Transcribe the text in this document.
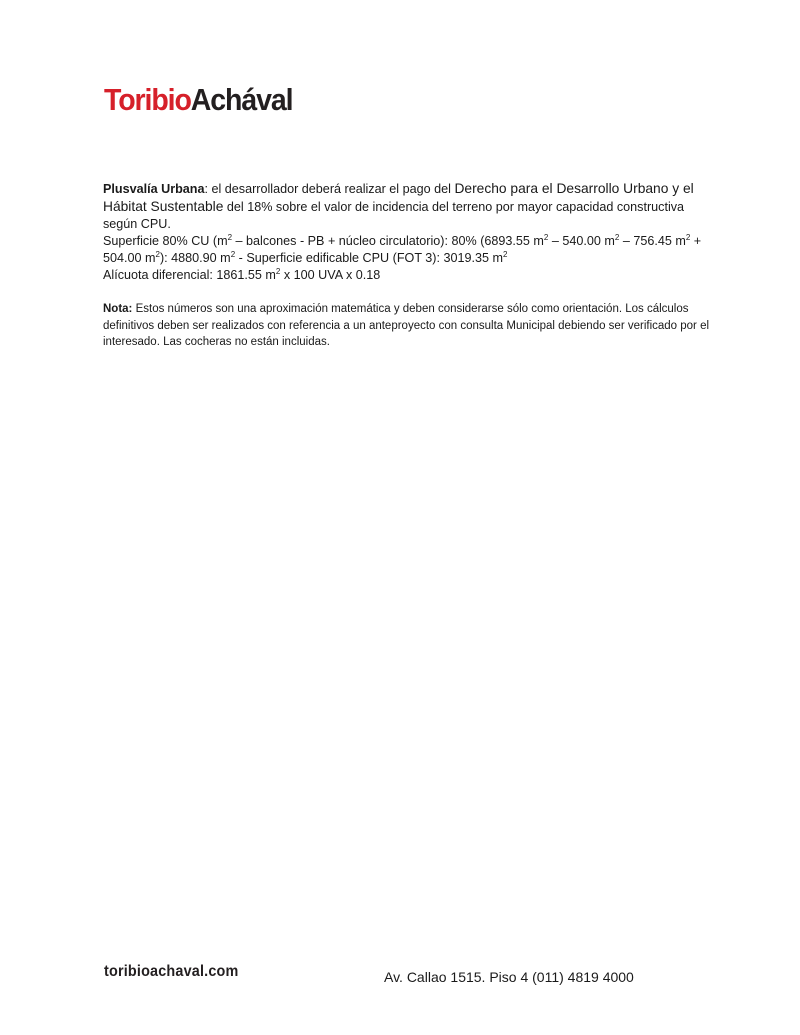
ToribioAchával

Plusvalía Urbana: el desarrollador deberá realizar el pago del Derecho para el Desarrollo Urbano y el Hábitat Sustentable del 18% sobre el valor de incidencia del terreno por mayor capacidad constructiva según CPU.

Superficie 80% CU ($m^2$ – balcones - PB + núcleo circulatorio): 80% (6893.55 $m^2 - 540.00$ $m^2 - 756.45$ $m^2 + 504.00$ $m^2$): 4880.90 $m^2$ - Superficie edificable CPU (FOT 3): 3019.35 $m^2$

Alícuota diferencial: 1861.55 $m^2$ x 100 UVA x 0.18

Nota: Estos números son una aproximación matemática y deben considerarse sólo como orientación. Los cálculos definitivos deben ser realizados con referencia a un anteproyecto con consulta Municipal debiendo ser verificado por el interesado. Las cocheras no están incluidas.

toribioachaval.com	Av. Callao 1515. Piso 4 (011) 4819 4000
